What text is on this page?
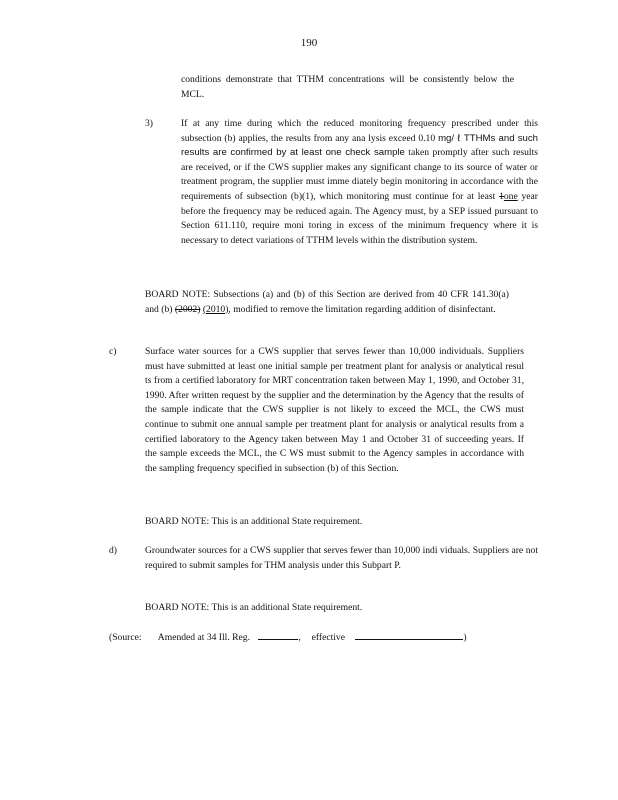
190
conditions demonstrate that TTHM concentrations will be consistently below the MCL.
3)	If at any time during which the reduced monitoring frequency prescribed under this subsection (b) applies, the results from any ana lysis exceed 0.10 mg/ ℓ TTHMs and such results are confirmed by at least one check sample taken promptly after such results are received, or if the CWS supplier makes any significant change to its source of water or treatment program, the supplier must imme diately begin monitoring in accordance with the requirements of subsection (b)(1), which monitoring must continue for at least 1one year before the frequency may be reduced again. The Agency must, by a SEP issued pursuant to Section 611.110, require moni toring in excess of the minimum frequency where it is necessary to detect variations of TTHM levels within the distribution system.
BOARD NOTE: Subsections (a) and (b) of this Section are derived from 40 CFR 141.30(a) and (b) (2002) (2010), modified to remove the limitation regarding addition of disinfectant.
c)	Surface water sources for a CWS supplier that serves fewer than 10,000 individuals. Suppliers must have submitted at least one initial sample per treatment plant for analysis or analytical resul ts from a certified laboratory for MRT concentration taken between May 1, 1990, and October 31, 1990. After written request by the supplier and the determination by the Agency that the results of the sample indicate that the CWS supplier is not likely to exceed the MCL, the CWS must continue to submit one annual sample per treatment plant for analysis or analytical results from a certified laboratory to the Agency taken between May 1 and October 31 of succeeding years. If the sample exceeds the MCL, the C WS must submit to the Agency samples in accordance with the sampling frequency specified in subsection (b) of this Section.
BOARD NOTE: This is an additional State requirement.
d)	Groundwater sources for a CWS supplier that serves fewer than 10,000 indi viduals. Suppliers are not required to submit samples for THM analysis under this Subpart P.
BOARD NOTE: This is an additional State requirement.
(Source: Amended at 34 Ill. Reg.	, effective	)
